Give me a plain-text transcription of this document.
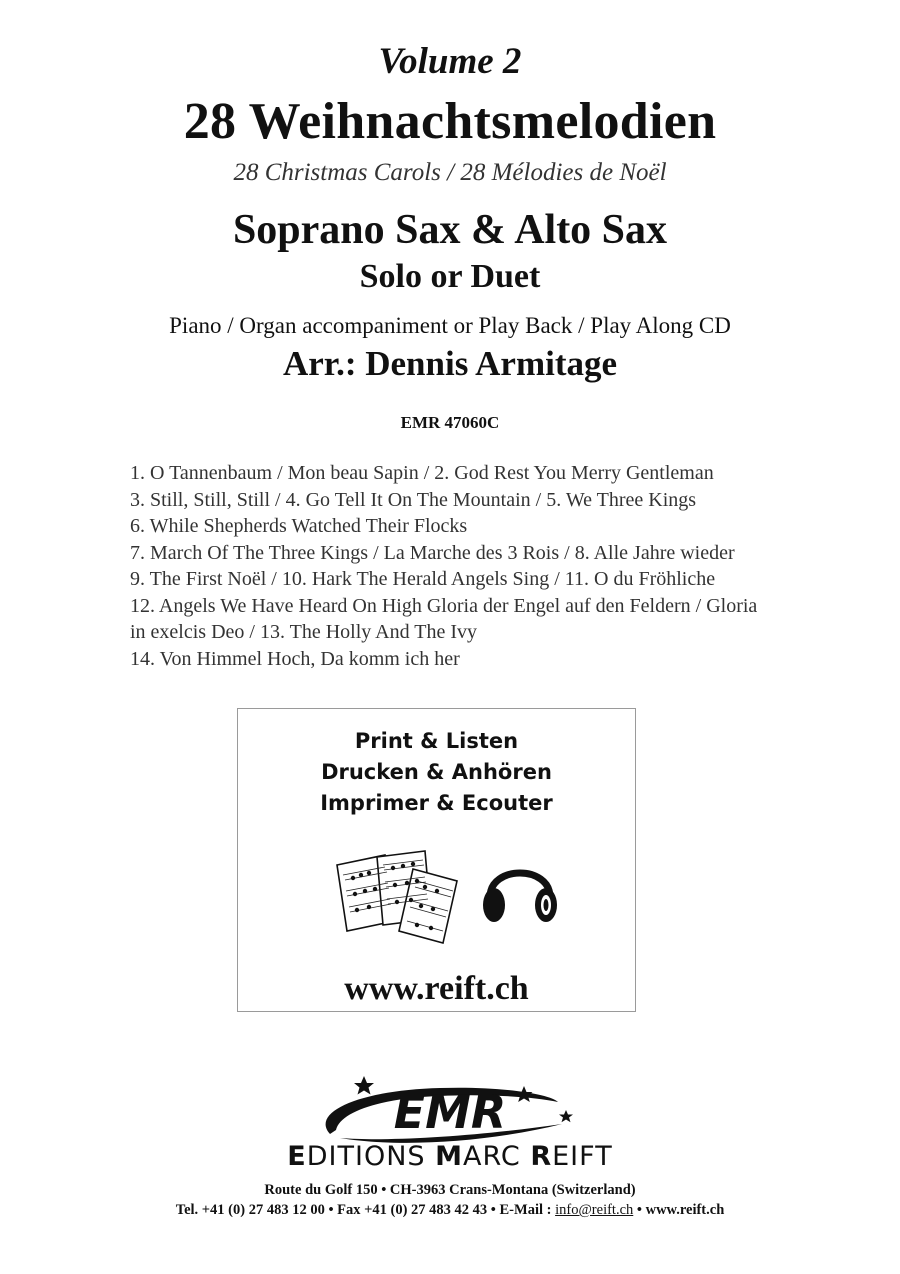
Volume 2
28 Weihnachtsmelodien
28 Christmas Carols / 28 Mélodies de Noël
Soprano Sax & Alto Sax
Solo or Duet
Piano / Organ accompaniment or Play Back / Play Along CD
Arr.: Dennis Armitage
EMR 47060C
1. O Tannenbaum / Mon beau Sapin / 2. God Rest You Merry Gentleman
3. Still, Still, Still / 4. Go Tell It On The Mountain / 5. We Three Kings
6. While Shepherds Watched Their Flocks
7. March Of The Three Kings / La Marche des 3 Rois / 8. Alle Jahre wieder
9. The First Noël / 10. Hark The Herald Angels Sing / 11. O du Fröhliche
12. Angels We Have Heard On High Gloria der Engel auf den Feldern / Gloria
in exelcis Deo / 13. The Holly And The Ivy
14. Von Himmel Hoch, Da komm ich her
Print & Listen
Drucken & Anhören
Imprimer & Ecouter
www.reift.ch
EMR
EDITIONS MARC REIFT
Route du Golf 150 • CH-3963 Crans-Montana (Switzerland)
Tel. +41 (0) 27 483 12 00 • Fax +41 (0) 27 483 42 43 • E-Mail : info@reift.ch • www.reift.ch
